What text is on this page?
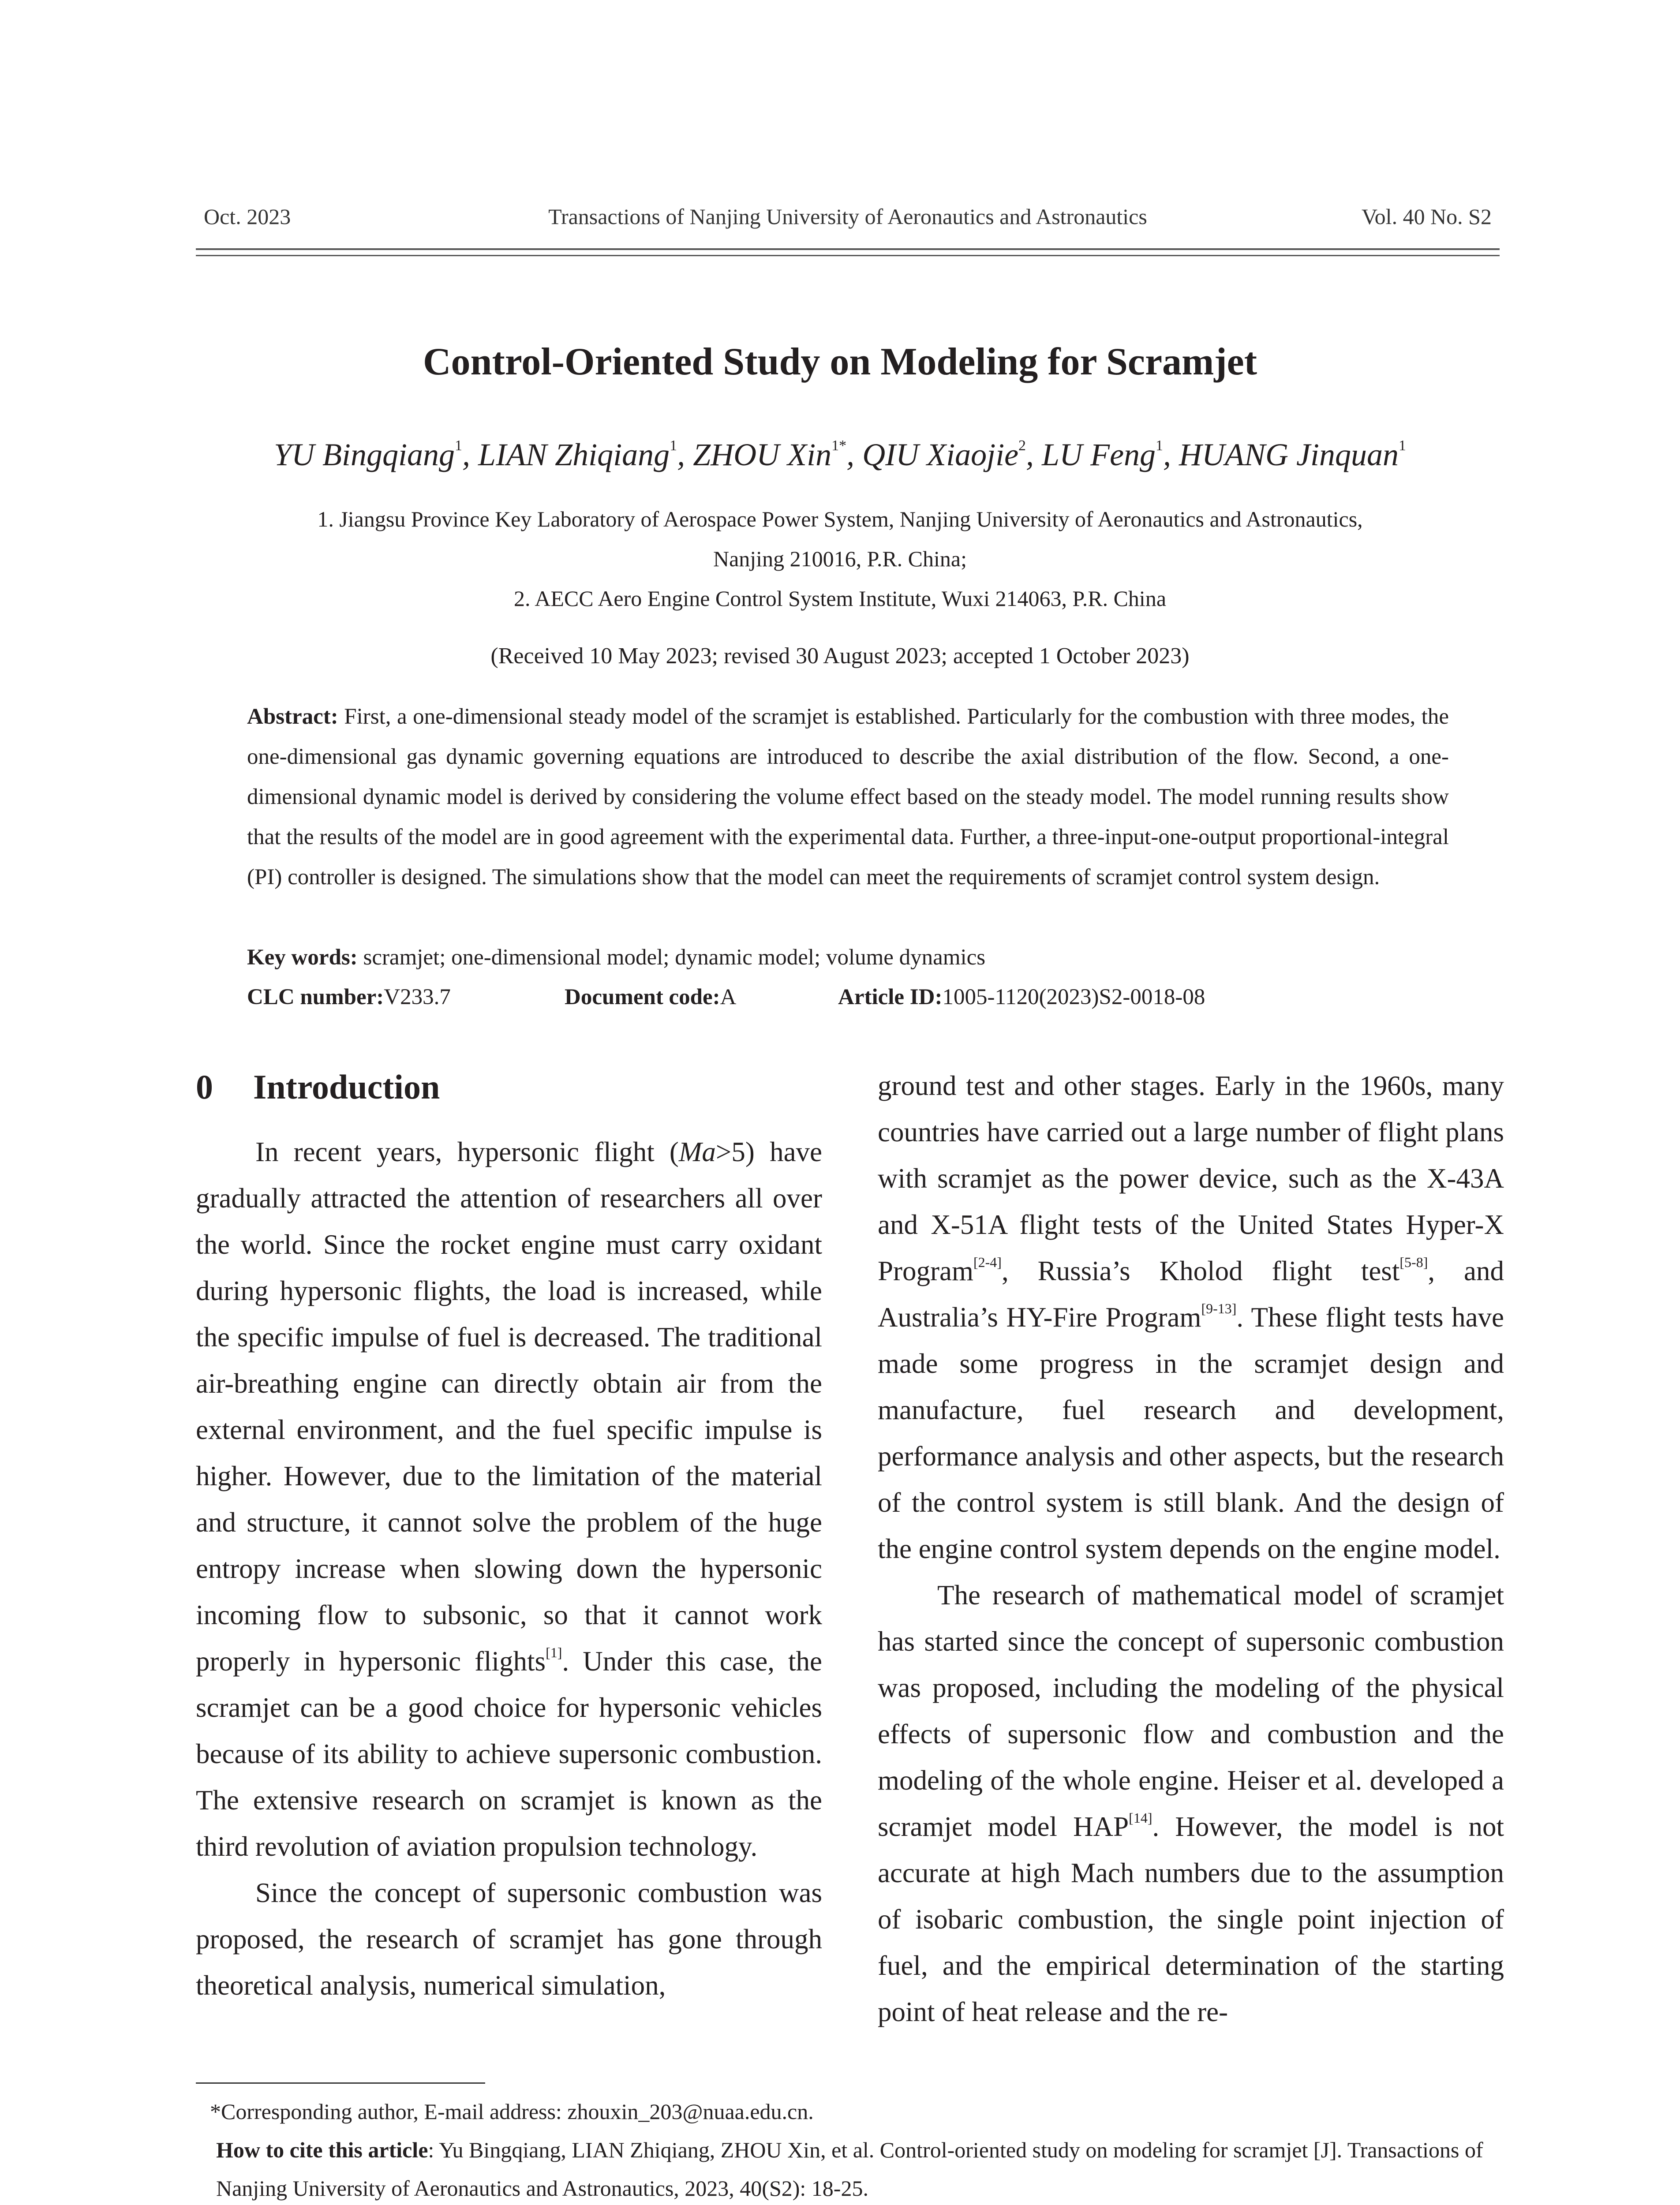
Oct. 2023	Transactions of Nanjing University of Aeronautics and Astronautics	Vol. 40 No. S2
Control-Oriented Study on Modeling for Scramjet
YU Bingqiang$^1$, LIAN Zhiqiang$^1$, ZHOU Xin$^{1*}$, QIU Xiaojie$^2$, LU Feng$^1$, HUANG Jinquan$^1$
1. Jiangsu Province Key Laboratory of Aerospace Power System, Nanjing University of Aeronautics and Astronautics,
Nanjing 210016, P.R. China;
2. AECC Aero Engine Control System Institute, Wuxi 214063, P.R. China
(Received 10 May 2023; revised 30 August 2023; accepted 1 October 2023)
Abstract: First, a one-dimensional steady model of the scramjet is established. Particularly for the combustion with three modes, the one-dimensional gas dynamic governing equations are introduced to describe the axial distribution of the flow. Second, a one-dimensional dynamic model is derived by considering the volume effect based on the steady model. The model running results show that the results of the model are in good agreement with the experimental data. Further, a three-input-one-output proportional-integral (PI) controller is designed. The simulations show that the model can meet the requirements of scramjet control system design.
Key words: scramjet; one-dimensional model; dynamic model; volume dynamics
CLC number:V233.7	Document code:A	Article ID:1005-1120(2023)S2-0018-08
0 Introduction

In recent years, hypersonic flight (Ma>5) have gradually attracted the attention of researchers all over the world. Since the rocket engine must carry oxidant during hypersonic flights, the load is increased, while the specific impulse of fuel is decreased. The traditional air-breathing engine can directly obtain air from the external environment, and the fuel specific impulse is higher. However, due to the limitation of the material and structure, it cannot solve the problem of the huge entropy increase when slowing down the hypersonic incoming flow to subsonic, so that it cannot work properly in hypersonic flights[1]. Under this case, the scramjet can be a good choice for hypersonic vehicles because of its ability to achieve supersonic combustion. The extensive research on scramjet is known as the third revolution of aviation propulsion technology.

Since the concept of supersonic combustion was proposed, the research of scramjet has gone through theoretical analysis, numerical simulation,

ground test and other stages. Early in the 1960s, many countries have carried out a large number of flight plans with scramjet as the power device, such as the X-43A and X-51A flight tests of the United States Hyper-X Program[2-4], Russia’s Kholod flight test[5-8], and Australia’s HY-Fire Program[9-13]. These flight tests have made some progress in the scramjet design and manufacture, fuel research and development, performance analysis and other aspects, but the research of the control system is still blank. And the design of the engine control system depends on the engine model.

The research of mathematical model of scramjet has started since the concept of supersonic combustion was proposed, including the modeling of the physical effects of supersonic flow and combustion and the modeling of the whole engine. Heiser et al. developed a scramjet model HAP[14]. However, the model is not accurate at high Mach numbers due to the assumption of isobaric combustion, the single point injection of fuel, and the empirical determination of the starting point of heat release and the re-

*Corresponding author, E-mail address: zhouxin_203@nuaa.edu.cn.

How to cite this article: Yu Bingqiang, LIAN Zhiqiang, ZHOU Xin, et al. Control-oriented study on modeling for scramjet [J]. Transactions of Nanjing University of Aeronautics and Astronautics, 2023, 40(S2): 18-25.
